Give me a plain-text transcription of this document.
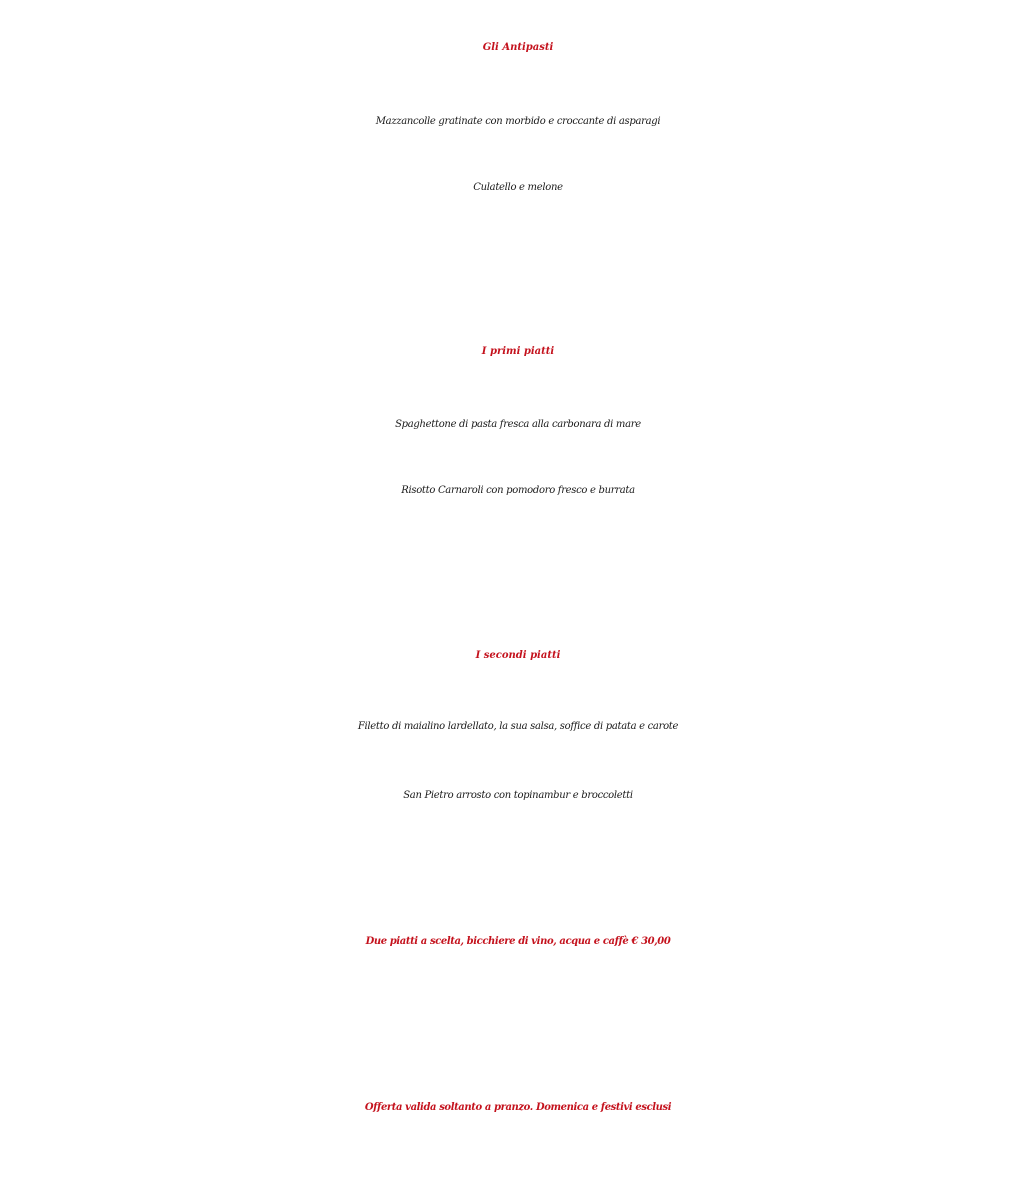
Gli Antipasti

Mazzancolle gratinate con morbido e croccante di asparagi

Culatello e melone

I primi piatti

Spaghettone di pasta fresca alla carbonara di mare

Risotto Carnaroli con pomodoro fresco e burrata

I secondi piatti

Filetto di maialino lardellato, la sua salsa, soffice di patata e carote

San Pietro arrosto con topinambur e broccoletti

Due piatti a scelta, bicchiere di vino, acqua e caffè € 30,00

Offerta valida soltanto a pranzo. Domenica e festivi esclusi
